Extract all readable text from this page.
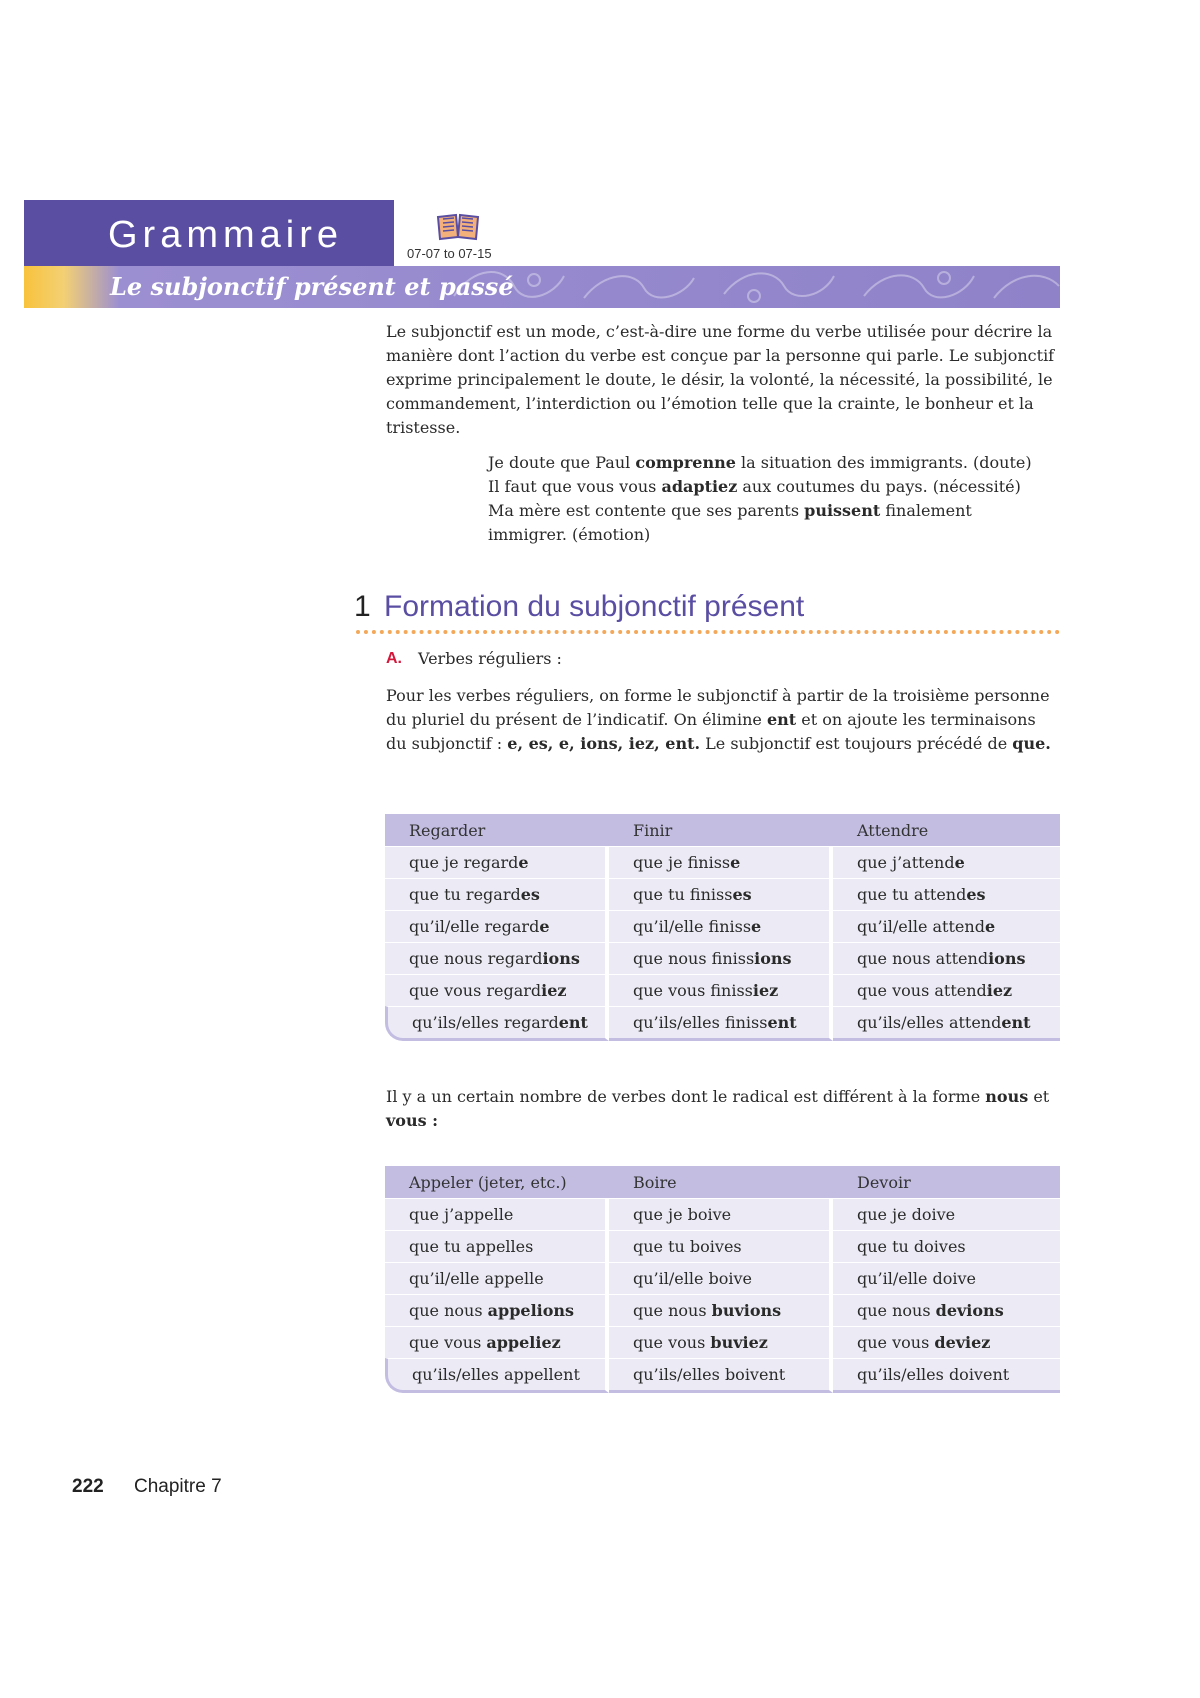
Grammaire	07-07 to 07-15
Le subjonctif présent et passé

Le subjonctif est un mode, c’est-à-dire une forme du verbe utilisée pour décrire la manière dont l’action du verbe est conçue par la personne qui parle. Le subjonctif exprime principalement le doute, le désir, la volonté, la nécessité, la possibilité, le commandement, l’interdiction ou l’émotion telle que la crainte, le bonheur et la tristesse.

Je doute que Paul comprenne la situation des immigrants. (doute)

Il faut que vous vous adaptiez aux coutumes du pays. (nécessité)

Ma mère est contente que ses parents puissent finalement immigrer. (émotion)

1 Formation du subjonctif présent
A. Verbes réguliers :

Pour les verbes réguliers, on forme le subjonctif à partir de la troisième personne du pluriel du présent de l’indicatif. On élimine ent et on ajoute les terminaisons du subjonctif : e, es, e, ions, iez, ent. Le subjonctif est toujours précédé de que.

Regarder	Finir	Attendre
que je regarde	que je finisse	que j’attende
que tu regardes	que tu finisses	que tu attendes
qu’il/elle regarde	qu’il/elle finisse	qu’il/elle attende
que nous regardions	que nous finissions	que nous attendions
que vous regardiez	que vous finissiez	que vous attendiez
qu’ils/elles regardent	qu’ils/elles finissent	qu’ils/elles attendent

Il y a un certain nombre de verbes dont le radical est différent à la forme nous et vous :

Appeler (jeter, etc.)	Boire	Devoir
que j’appelle	que je boive	que je doive
que tu appelles	que tu boives	que tu doives
qu’il/elle appelle	qu’il/elle boive	qu’il/elle doive
que nous appelions	que nous buvions	que nous devions
que vous appeliez	que vous buviez	que vous deviez
qu’ils/elles appellent	qu’ils/elles boivent	qu’ils/elles doivent
222 Chapitre 7
